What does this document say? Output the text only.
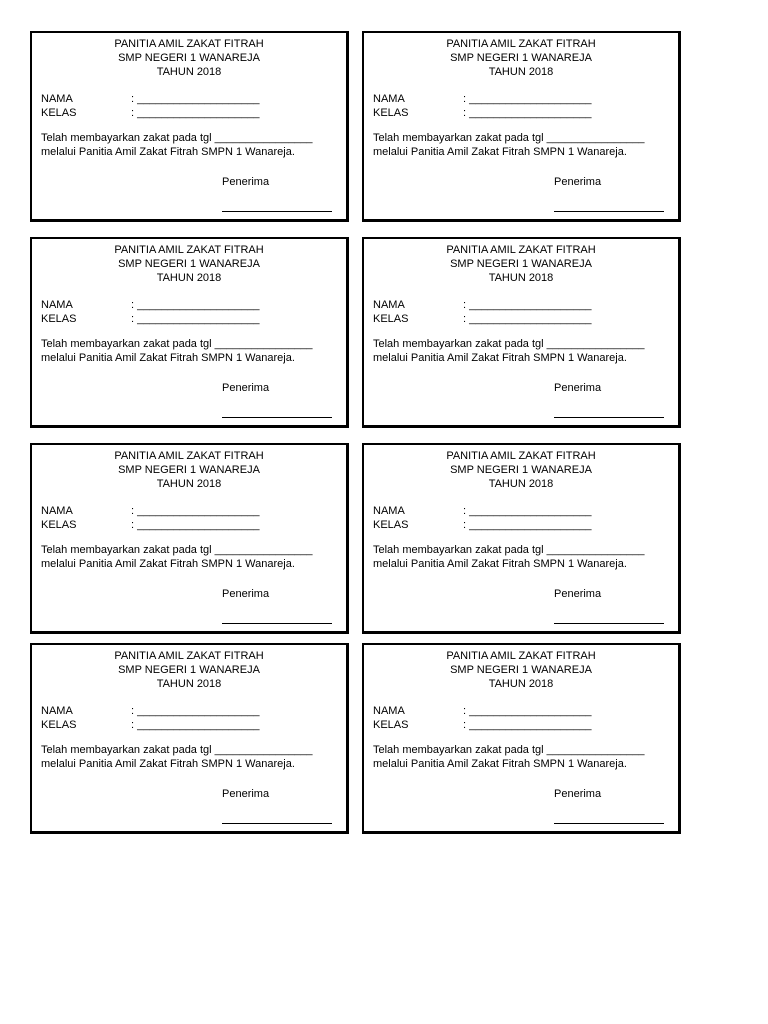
PANITIA AMIL ZAKAT FITRAH
SMP NEGERI 1 WANAREJA
TAHUN 2018
NAMA	: ____________________
KELAS	: ____________________
Telah membayarkan zakat pada tgl ________________
melalui Panitia Amil Zakat Fitrah SMPN 1 Wanareja.
Penerima
PANITIA AMIL ZAKAT FITRAH
SMP NEGERI 1 WANAREJA
TAHUN 2018
NAMA	: ____________________
KELAS	: ____________________
Telah membayarkan zakat pada tgl ________________
melalui Panitia Amil Zakat Fitrah SMPN 1 Wanareja.
Penerima
PANITIA AMIL ZAKAT FITRAH
SMP NEGERI 1 WANAREJA
TAHUN 2018
NAMA	: ____________________
KELAS	: ____________________
Telah membayarkan zakat pada tgl ________________
melalui Panitia Amil Zakat Fitrah SMPN 1 Wanareja.
Penerima
PANITIA AMIL ZAKAT FITRAH
SMP NEGERI 1 WANAREJA
TAHUN 2018
NAMA	: ____________________
KELAS	: ____________________
Telah membayarkan zakat pada tgl ________________
melalui Panitia Amil Zakat Fitrah SMPN 1 Wanareja.
Penerima
PANITIA AMIL ZAKAT FITRAH
SMP NEGERI 1 WANAREJA
TAHUN 2018
NAMA	: ____________________
KELAS	: ____________________
Telah membayarkan zakat pada tgl ________________
melalui Panitia Amil Zakat Fitrah SMPN 1 Wanareja.
Penerima
PANITIA AMIL ZAKAT FITRAH
SMP NEGERI 1 WANAREJA
TAHUN 2018
NAMA	: ____________________
KELAS	: ____________________
Telah membayarkan zakat pada tgl ________________
melalui Panitia Amil Zakat Fitrah SMPN 1 Wanareja.
Penerima
PANITIA AMIL ZAKAT FITRAH
SMP NEGERI 1 WANAREJA
TAHUN 2018
NAMA	: ____________________
KELAS	: ____________________
Telah membayarkan zakat pada tgl ________________
melalui Panitia Amil Zakat Fitrah SMPN 1 Wanareja.
Penerima
PANITIA AMIL ZAKAT FITRAH
SMP NEGERI 1 WANAREJA
TAHUN 2018
NAMA	: ____________________
KELAS	: ____________________
Telah membayarkan zakat pada tgl ________________
melalui Panitia Amil Zakat Fitrah SMPN 1 Wanareja.
Penerima
